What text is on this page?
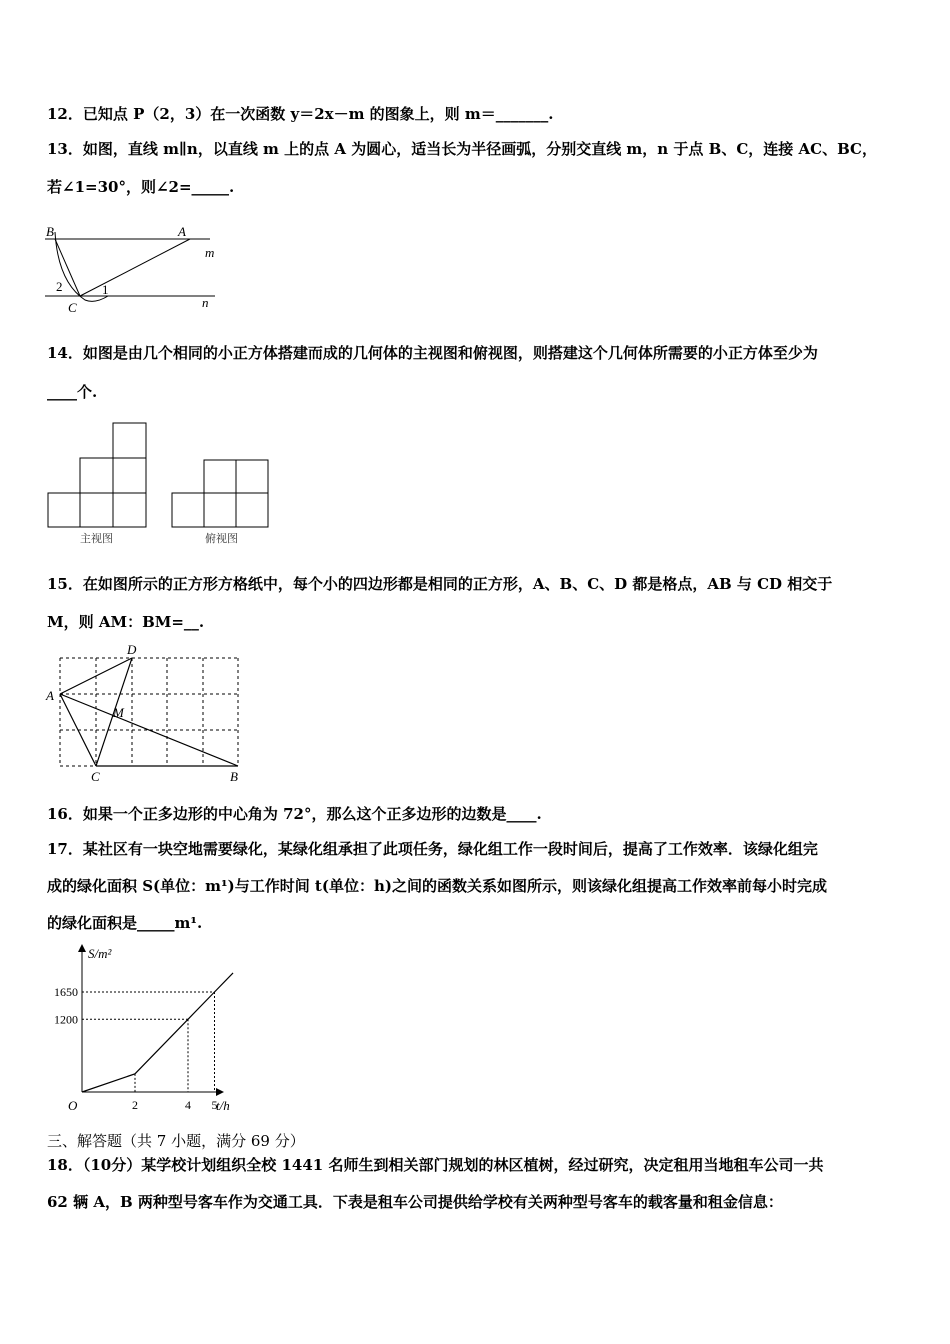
12．已知点 P（2，3）在一次函数 y＝2x－m 的图象上，则 m＝_______.
13．如图，直线 m∥n，以直线 m 上的点 A 为圆心，适当长为半径画弧，分别交直线 m，n 于点 B、C，连接 AC、BC，
若∠1=30°，则∠2=_____.
B	A
m
n
C
1
2
14．如图是由几个相同的小正方体搭建而成的几何体的主视图和俯视图，则搭建这个几何体所需要的小正方体至少为
____个.
主视图	俯视图
15．在如图所示的正方形方格纸中，每个小的四边形都是相同的正方形，A、B、C、D 都是格点，AB 与 CD 相交于
M，则 AM：BM=__.
A
D
M
C	B
16．如果一个正多边形的中心角为 72°，那么这个正多边形的边数是____.
17．某社区有一块空地需要绿化，某绿化组承担了此项任务，绿化组工作一段时间后，提高了工作效率．该绿化组完
成的绿化面积 S(单位：m¹)与工作时间 t(单位：h)之间的函数关系如图所示，则该绿化组提高工作效率前每小时完成
的绿化面积是_____m¹.
S/m²
t/h
O
1650
1200
2	4 5
三、解答题（共 7 小题，满分 69 分）
18．（10分）某学校计划组织全校 1441 名师生到相关部门规划的林区植树，经过研究，决定租用当地租车公司一共
62 辆 A，B 两种型号客车作为交通工具．下表是租车公司提供给学校有关两种型号客车的载客量和租金信息：
